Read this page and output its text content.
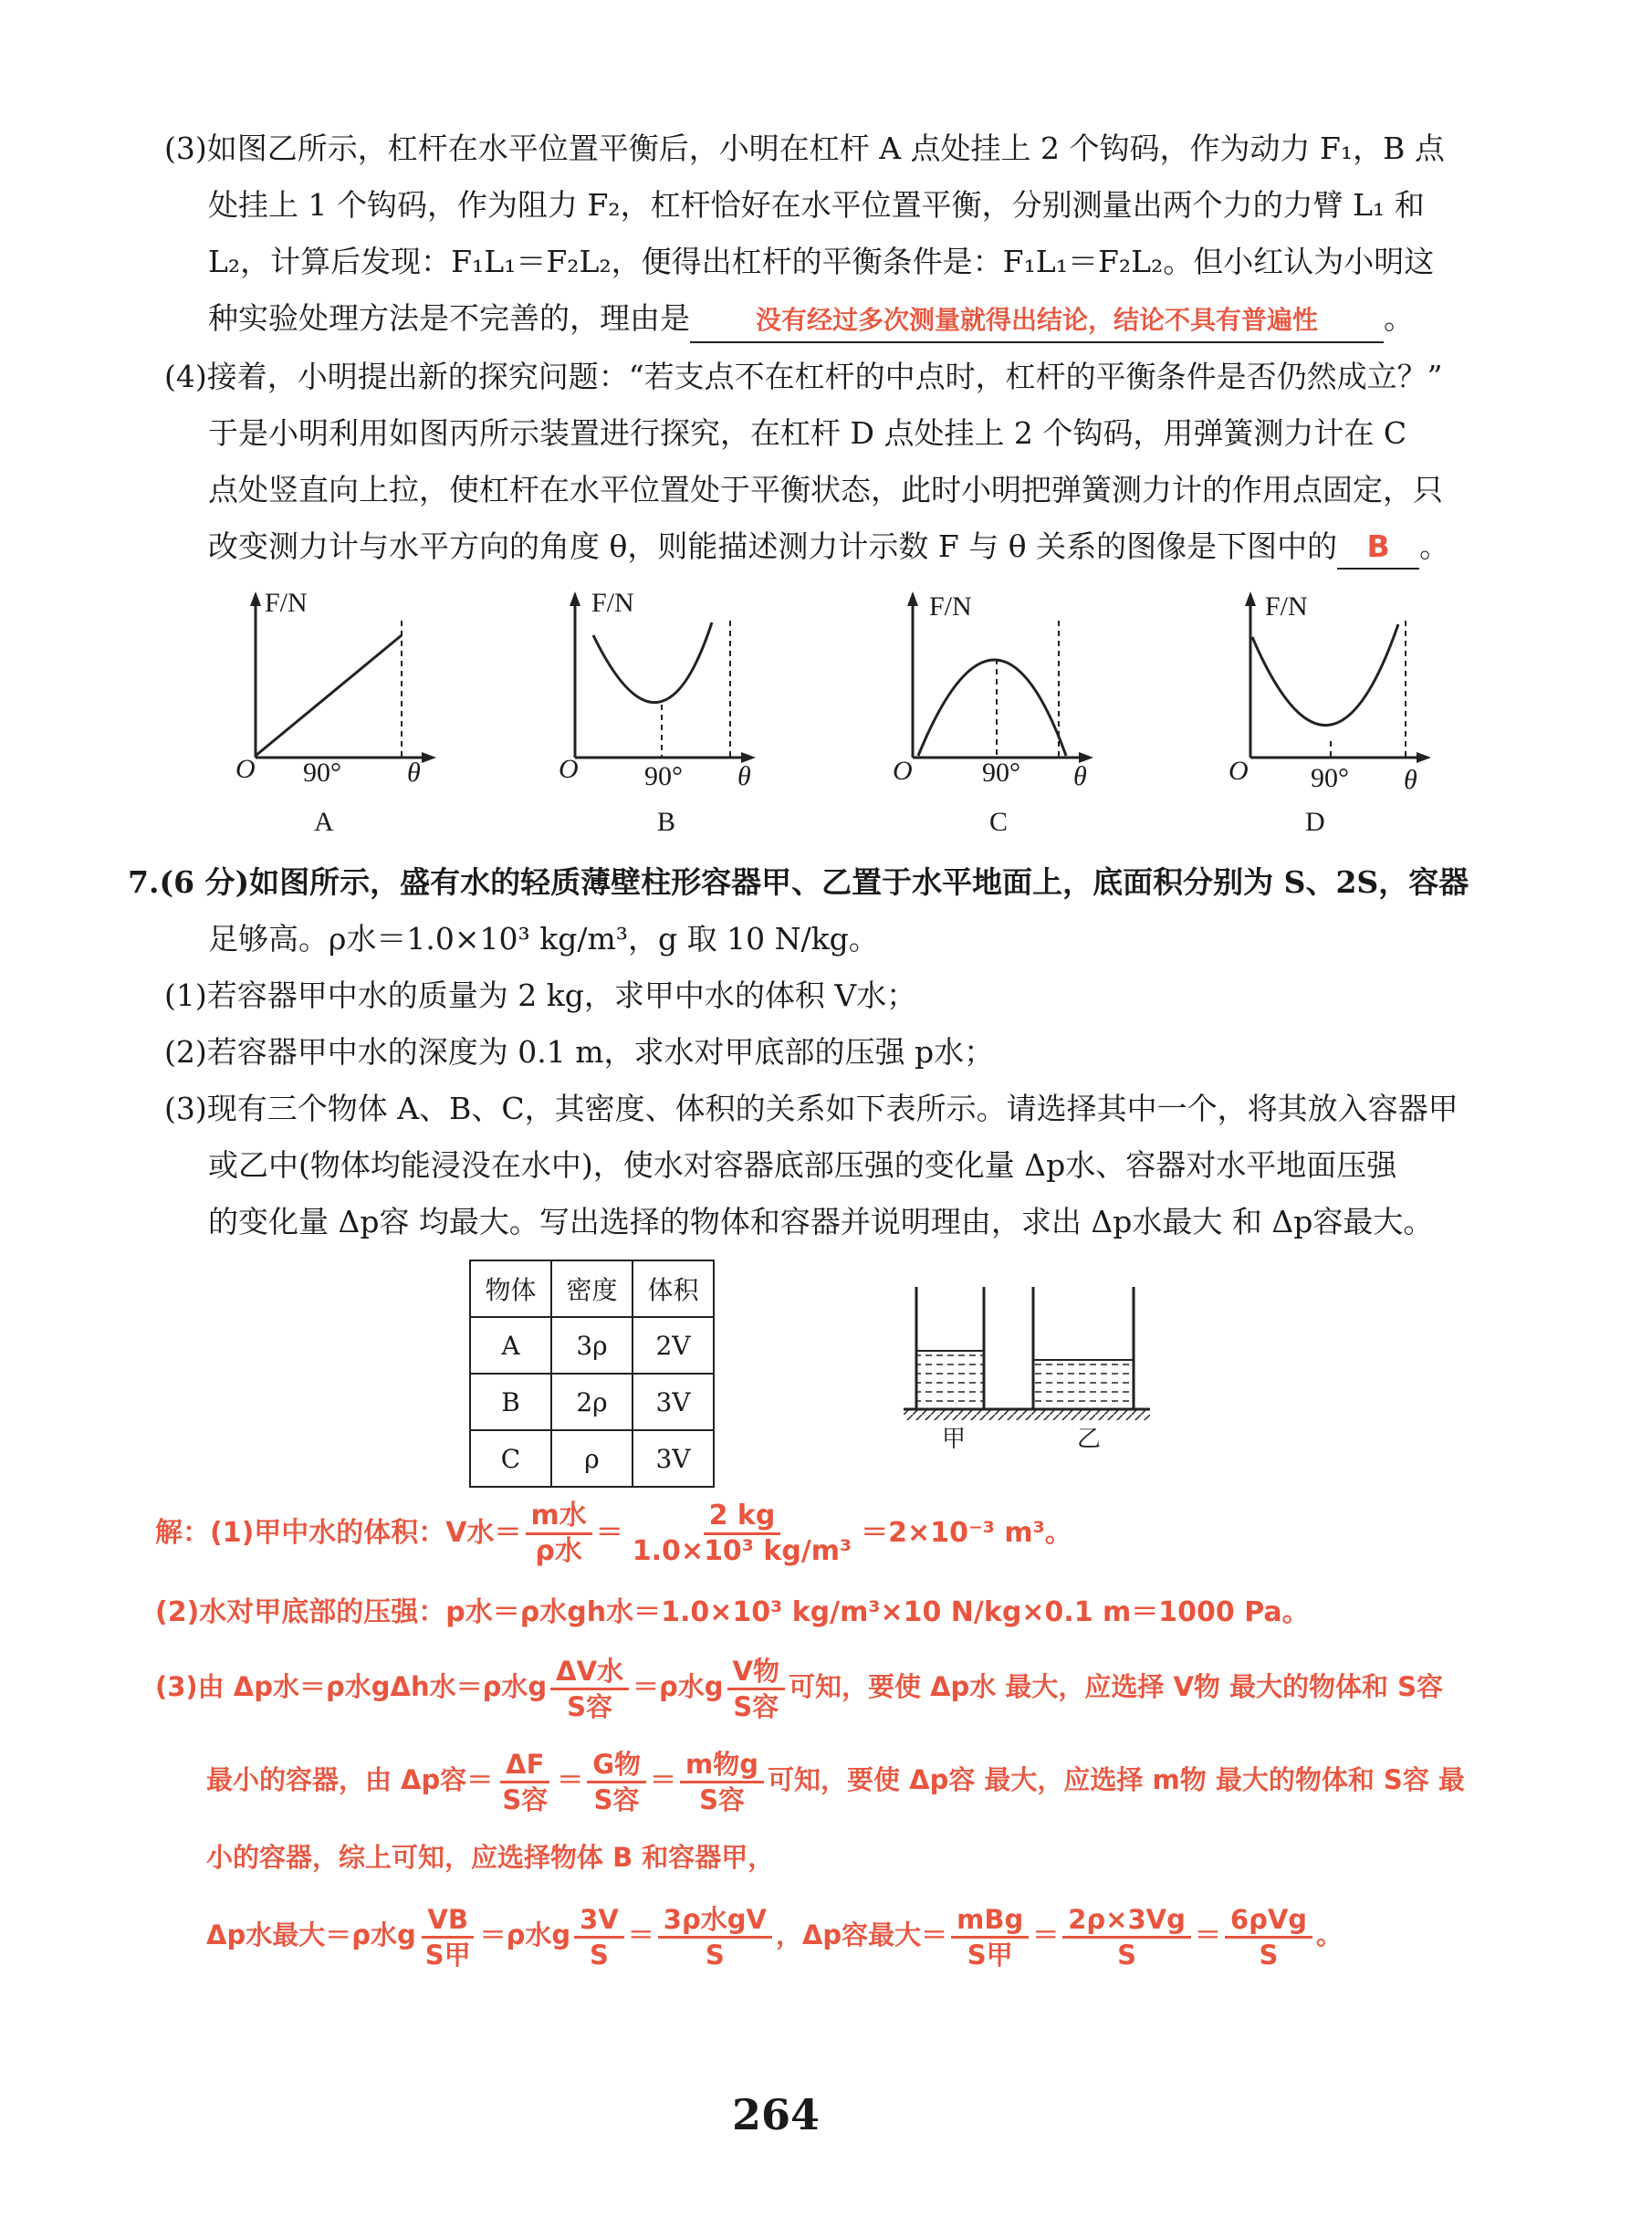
(3)如图乙所示，杠杆在水平位置平衡后，小明在杠杆 A 点处挂上 2 个钩码，作为动力 F₁，B 点
处挂上 1 个钩码，作为阻力 F₂，杠杆恰好在水平位置平衡，分别测量出两个力的力臂 L₁ 和
L₂，计算后发现：F₁L₁＝F₂L₂，便得出杠杆的平衡条件是：F₁L₁＝F₂L₂。但小红认为小明这
种实验处理方法是不完善的，理由是	没有经过多次测量就得出结论，结论不具有普遍性 。
(4)接着，小明提出新的探究问题：“若支点不在杠杆的中点时，杠杆的平衡条件是否仍然成立？”
于是小明利用如图丙所示装置进行探究，在杠杆 D 点处挂上 2 个钩码，用弹簧测力计在 C
点处竖直向上拉，使杠杆在水平位置处于平衡状态，此时小明把弹簧测力计的作用点固定，只
改变测力计与水平方向的角度 θ，则能描述测力计示数 F 与 θ 关系的图像是下图中的 B 。
F/N
O 90° θ
A
F/N
O 90° θ
B
F/N
O	90° θ
C
F/N
O 90° θ
D
7.(6 分)如图所示，盛有水的轻质薄壁柱形容器甲、乙置于水平地面上，底面积分别为 S、2S，容器
足够高。ρ水＝1.0×10³ kg/m³，g 取 10 N/kg。
(1)若容器甲中水的质量为 2 kg，求甲中水的体积 V水；
(2)若容器甲中水的深度为 0.1 m，求水对甲底部的压强 p水；
(3)现有三个物体 A、B、C，其密度、体积的关系如下表所示。请选择其中一个，将其放入容器甲
或乙中(物体均能浸没在水中)，使水对容器底部压强的变化量 Δp水、容器对水平地面压强
的变化量 Δp容 均最大。写出选择的物体和容器并说明理由，求出 Δp水最大 和 Δp容最大。
物体	密度	体积
A	3ρ	2V
B	2ρ	3V
C	ρ	3V
甲	乙
解：(1)甲中水的体积：V水＝ $\frac{\text{m水}}{\text{ρ水}} = \frac{2 kg}{\text{1.0×10³ kg/m³}} =2\times 10^{-3}$ m³。
(2)水对甲底部的压强：p水＝ρ水gh水＝1.0×10³ kg/m³×10 N/kg×0.1 m＝1000 Pa。
(3)由 Δp水＝ρ水gΔh水＝ρ水g $\frac{\text{ΔV水}}{\text{S容}} =\rho$水g $\frac{\text{V物}}{\text{S容}}$ 可知，要使 Δp水 最大，应选择 V物 最大的物体和 S容
最小的容器，由 Δp容＝ $\frac{\Delta F}{\text{S容}} = \frac{\text{G物}}{\text{S容}} = \frac{\text{m物g}}{\text{S容}}$ 可知，要使 Δp容 最大，应选择 m物 最大的物体和 S容 最
小的容器，综上可知，应选择物体 B 和容器甲，
Δp水最大＝ρ水g $\frac{VB}{\text{S甲}} =\rho$水g $\frac{3V}{S} = \frac{\text{3ρ水gV}}{S}$ ，Δp容最大＝ $\frac{\text{mBg}}{\text{S甲}} = \frac{2\rho\times 3Vg}{S} = \frac{\text{6ρVg}}{S}$ 。
264
